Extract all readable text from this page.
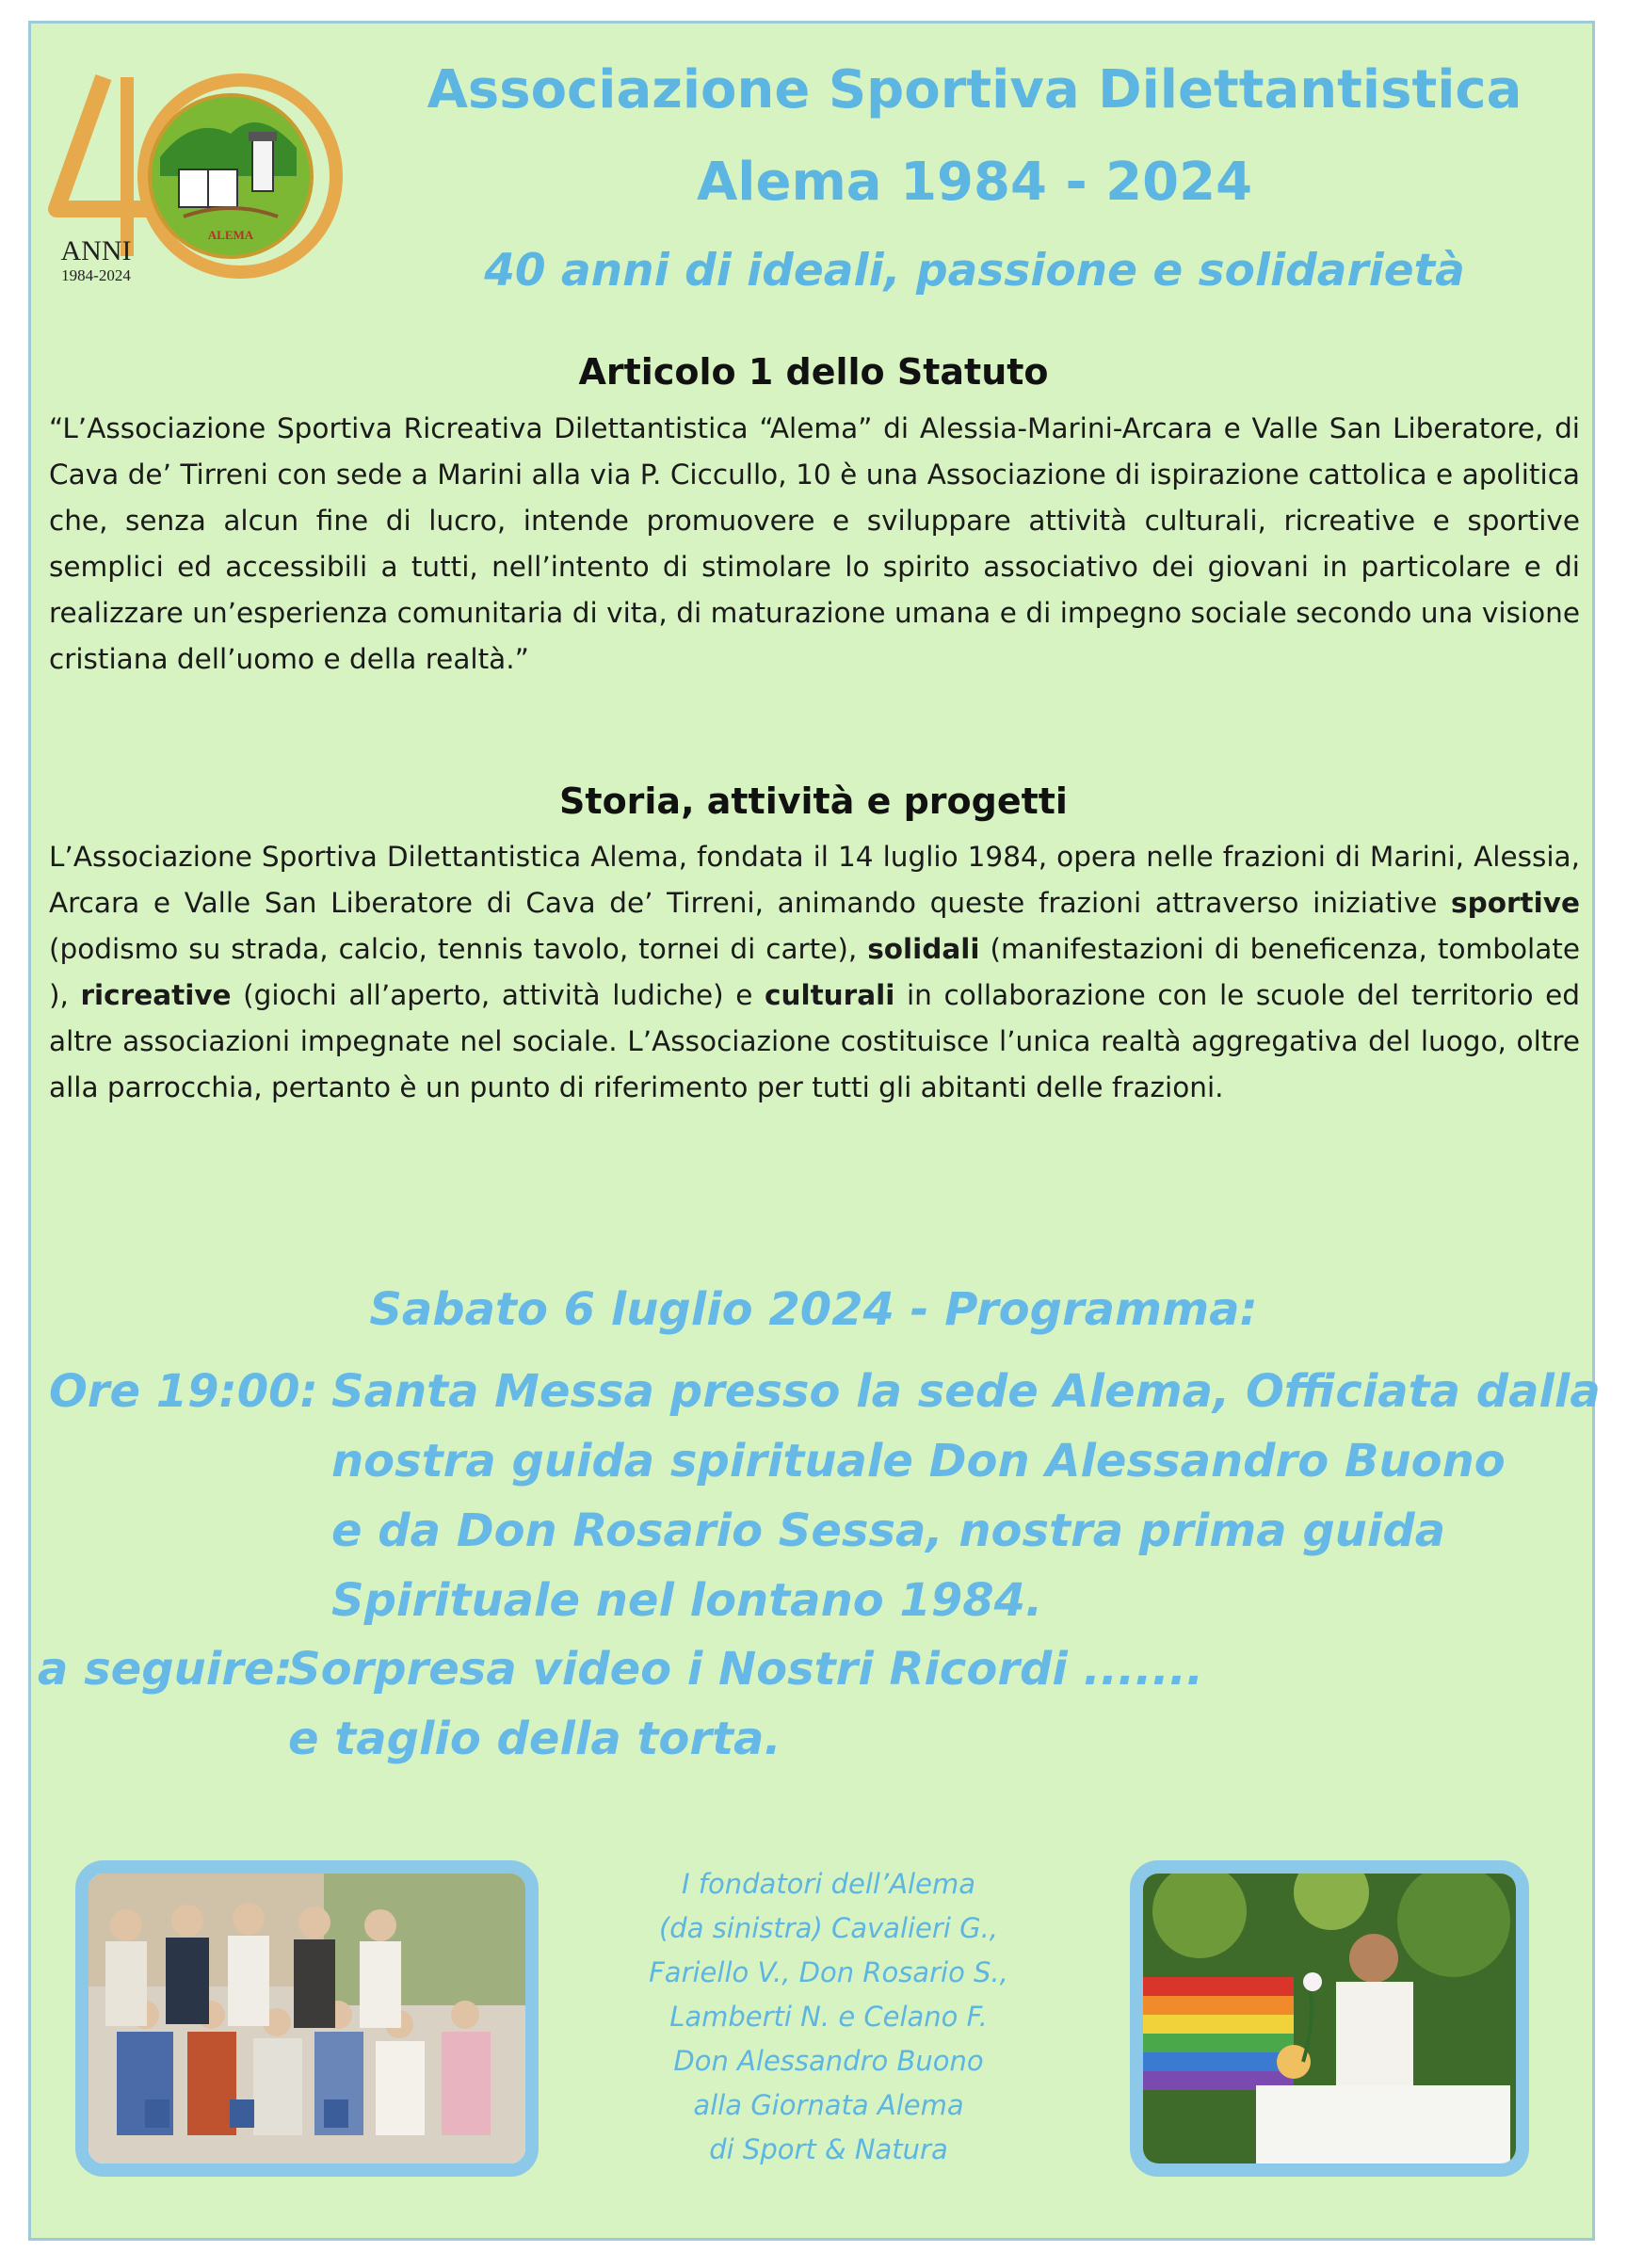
ALEMA
ANNI
1984-2024
Associazione Sportiva Dilettantistica
Alema 1984 - 2024
40 anni di ideali, passione e solidarietà
Articolo 1 dello Statuto

“L’Associazione Sportiva Ricreativa Dilettantistica “Alema” di Alessia-Marini-Arcara e Valle San Liberatore, di Cava de’ Tirreni con sede a Marini alla via P. Ciccullo, 10 è una Associazione di ispirazione cattolica e apolitica che, senza alcun fine di lucro, intende promuovere e sviluppare attività culturali, ricreative e sportive semplici ed accessibili a tutti, nell’intento di stimolare lo spirito associativo dei giovani in particolare e di realizzare un’esperienza comunitaria di vita, di maturazione umana e di impegno sociale secondo una visione cristiana dell’uomo e della realtà.”

Storia, attività e progetti

L’Associazione Sportiva Dilettantistica Alema, fondata il 14 luglio 1984, opera nelle frazioni di Marini, Alessia, Arcara e Valle San Liberatore di Cava de’ Tirreni, animando queste frazioni attraverso iniziative sportive (podismo su strada, calcio, tennis tavolo, tornei di carte), solidali (manifestazioni di beneficenza, tombolate ), ricreative (giochi all’aperto, attività ludiche) e culturali in collaborazione con le scuole del territorio ed altre associazioni impegnate nel sociale. L’Associazione costituisce l’unica realtà aggregativa del luogo, oltre alla parrocchia, pertanto è un punto di riferimento per tutti gli abitanti delle frazioni.

Sabato 6 luglio 2024 - Programma:
Ore 19:00: Santa Messa presso la sede Alema, Officiata dalla
nostra guida spirituale Don Alessandro Buono
e da Don Rosario Sessa, nostra prima guida
Spirituale nel lontano 1984.
a seguire:
Sorpresa video i Nostri Ricordi .......
e taglio della torta.
I fondatori dell’Alema
(da sinistra) Cavalieri G.,
Fariello V., Don Rosario S.,
Lamberti N. e Celano F.
Don Alessandro Buono
alla Giornata Alema
di Sport & Natura
